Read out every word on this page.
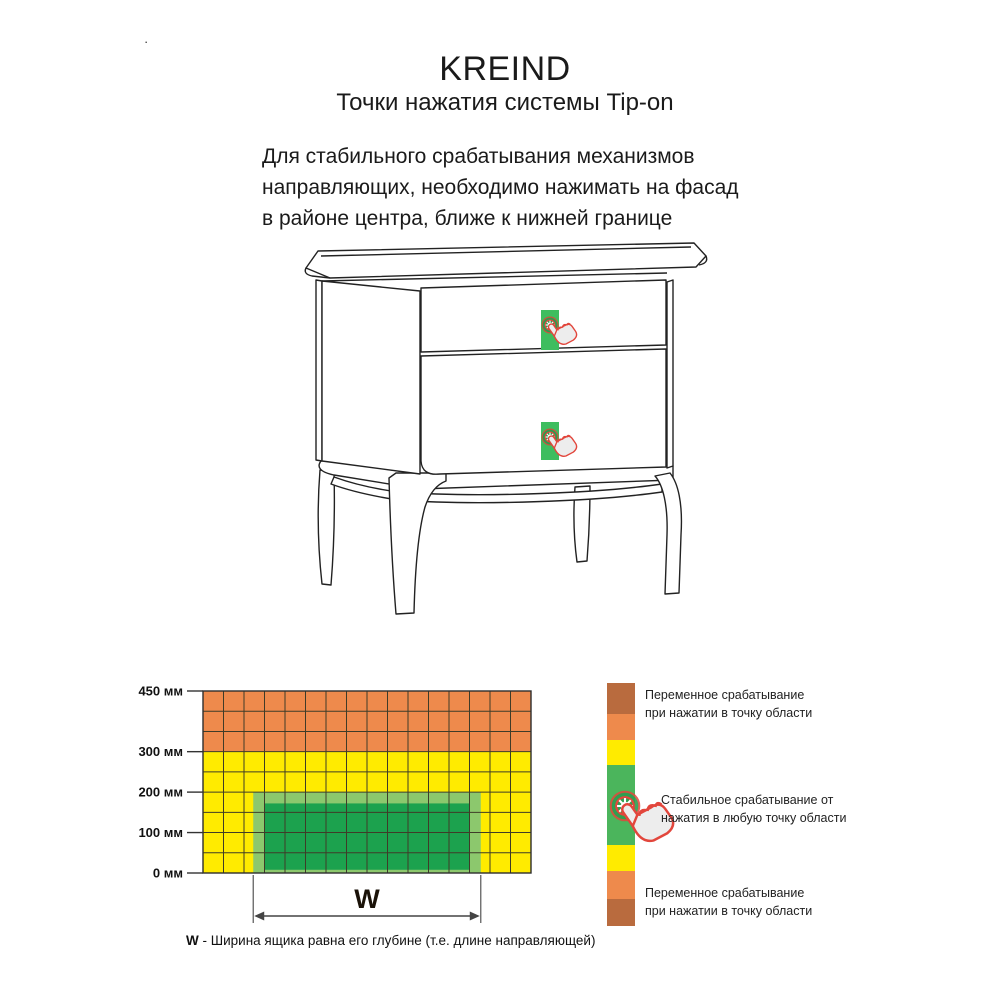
·
KREIND
Точки нажатия системы Tip-on
Для стабильного срабатывания механизмов
направляющих, необходимо нажимать на фасад
в районе центра, ближе к нижней границе
450 мм
300 мм
200 мм
100 мм
0 мм
W
Переменное срабатывание
при нажатии в точку области
Стабильное срабатывание от
нажатия в любую точку области
Переменное срабатывание
при нажатии в точку области
W - Ширина ящика равна его глубине (т.е. длине направляющей)
